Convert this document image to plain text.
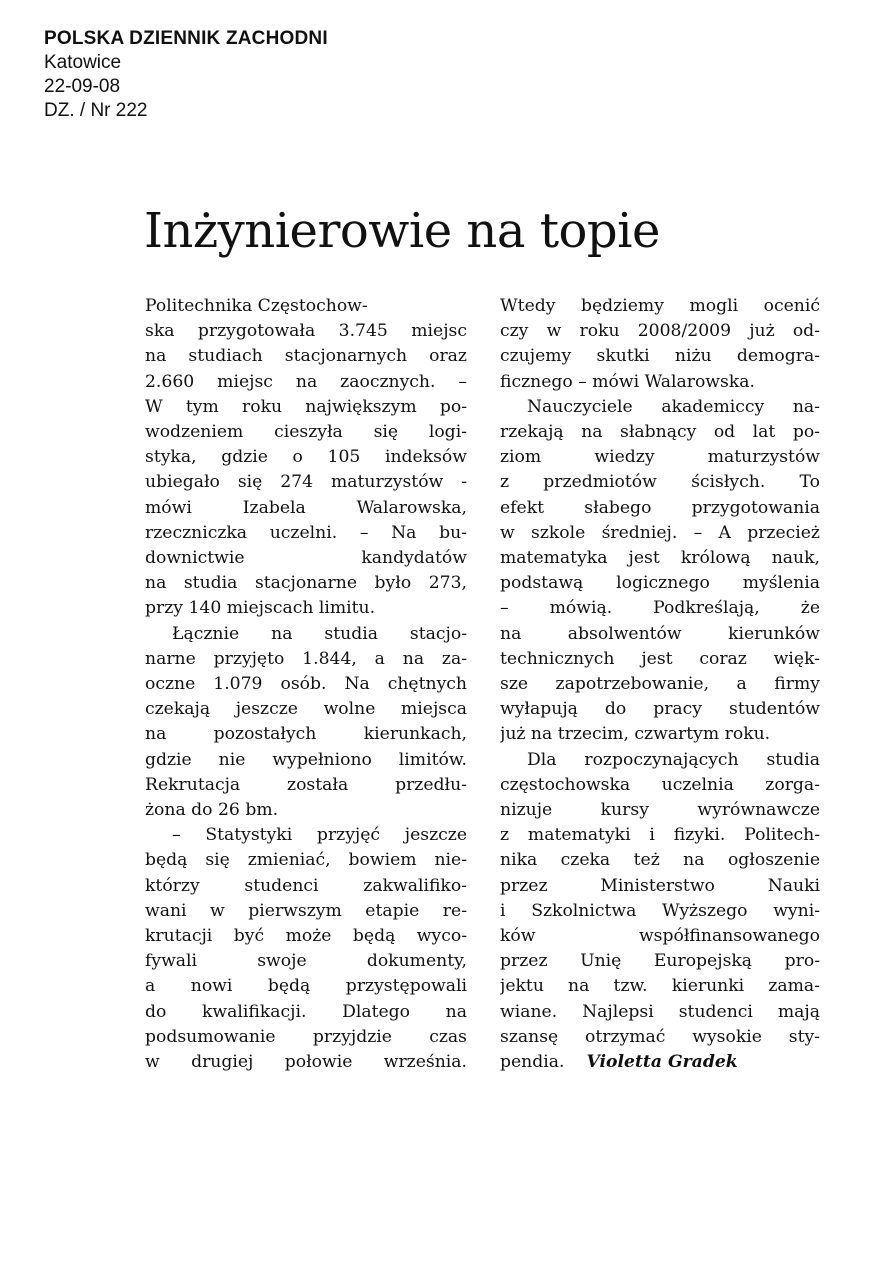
POLSKA DZIENNIK ZACHODNI
Katowice
22-09-08
DZ. / Nr 222
Inżynierowie na topie

Politechnika Częstochow-
ska przygotowała 3.745 miejsc
na studiach stacjonarnych oraz
2.660 miejsc na zaocznych. –
W tym roku największym po-
wodzeniem cieszyła się logi-
styka, gdzie o 105 indeksów
ubiegało się 274 maturzystów -
mówi Izabela Walarowska,
rzeczniczka uczelni. – Na bu-
downictwie kandydatów
na studia stacjonarne było 273,
przy 140 miejscach limitu.

Łącznie na studia stacjo-
narne przyjęto 1.844, a na za-
oczne 1.079 osób. Na chętnych
czekają jeszcze wolne miejsca
na pozostałych kierunkach,
gdzie nie wypełniono limitów.
Rekrutacja została przedłu-
żona do 26 bm.

– Statystyki przyjęć jeszcze
będą się zmieniać, bowiem nie-
którzy studenci zakwalifiko-
wani w pierwszym etapie re-
krutacji być może będą wyco-
fywali swoje dokumenty,
a nowi będą przystępowali
do kwalifikacji. Dlatego na
podsumowanie przyjdzie czas
w drugiej połowie września.

Wtedy będziemy mogli ocenić
czy w roku 2008/2009 już od-
czujemy skutki niżu demogra-
ficznego – mówi Walarowska.

Nauczyciele akademiccy na-
rzekają na słabnący od lat po-
ziom wiedzy maturzystów
z przedmiotów ścisłych. To
efekt słabego przygotowania
w szkole średniej. – A przecież
matematyka jest królową nauk,
podstawą logicznego myślenia
– mówią. Podkreślają, że
na absolwentów kierunków
technicznych jest coraz więk-
sze zapotrzebowanie, a firmy
wyłapują do pracy studentów
już na trzecim, czwartym roku.

Dla rozpoczynających studia
częstochowska uczelnia zorga-
nizuje kursy wyrównawcze
z matematyki i fizyki. Politech-
nika czeka też na ogłoszenie
przez Ministerstwo Nauki
i Szkolnictwa Wyższego wyni-
ków współfinansowanego
przez Unię Europejską pro-
jektu na tzw. kierunki zama-
wiane. Najlepsi studenci mają
szansę otrzymać wysokie sty-
pendia. Violetta Gradek
